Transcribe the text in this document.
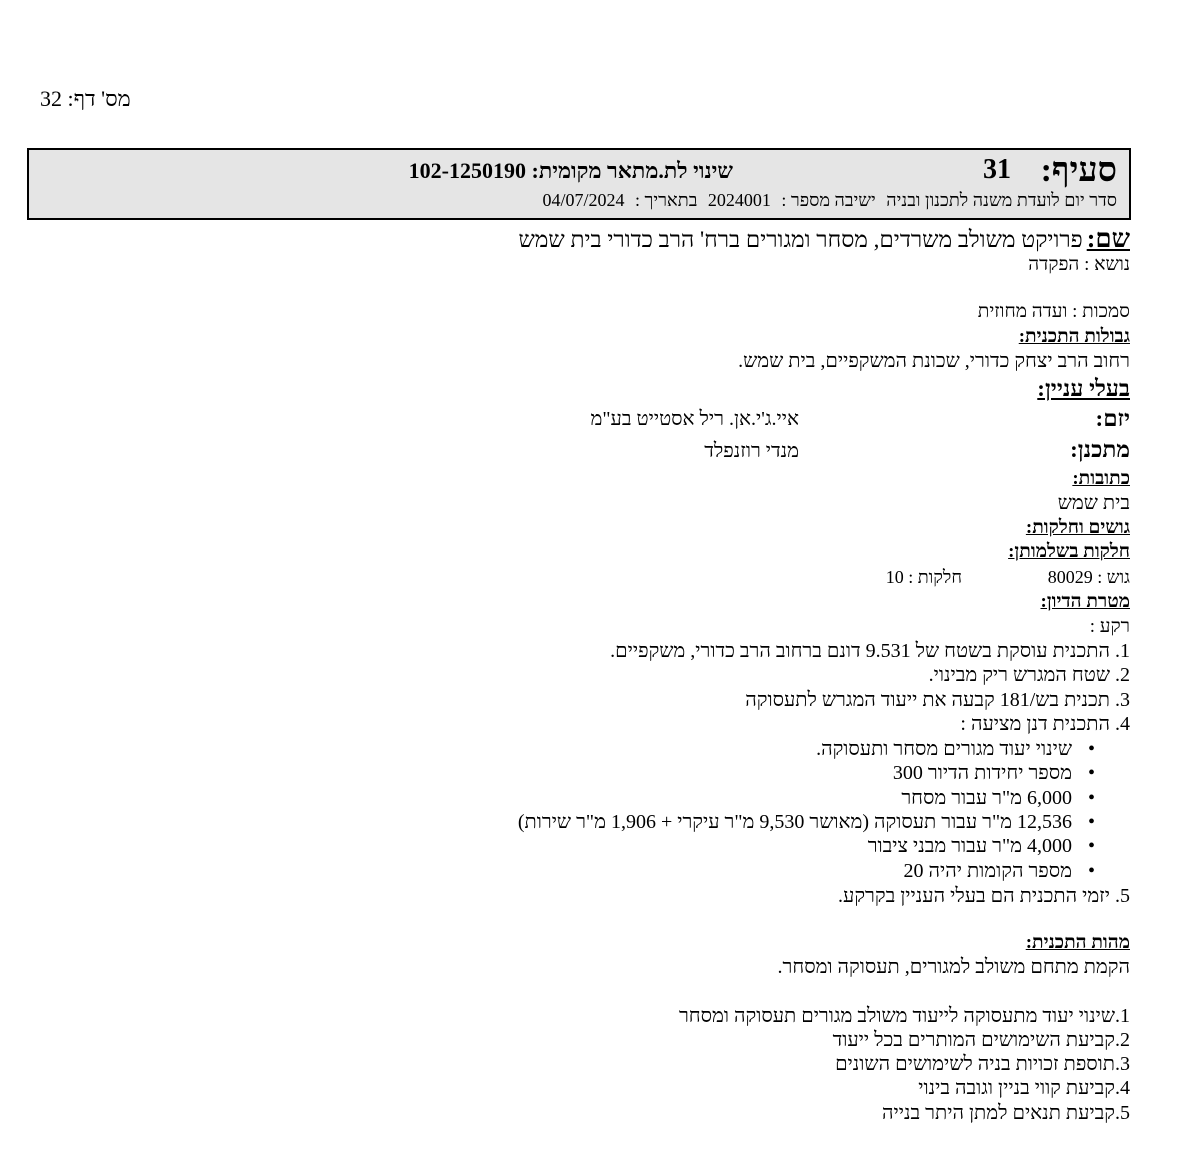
מס' דף: 32
סעיף:
31
שינוי לת.מתאר מקומית: 102-1250190
סדר יום לועדת משנה לתכנון ובניה ישיבה מספר : 2024001 בתאריך : 04/07/2024
שם: פרויקט משולב משרדים, מסחר ומגורים ברח' הרב כדורי בית שמש
נושא : הפקדה
סמכות : ועדה מחוזית
גבולות התכנית:
רחוב הרב יצחק כדורי, שכונת המשקפיים, בית שמש.
בעלי עניין:
יזם:
איי.ג'י.אן. ריל אסטייט בע"מ
מתכנן:
מנדי רוזנפלד
כתובות:
בית שמש
גושים וחלקות:
חלקות בשלמותן:
גוש : 80029
חלקות : 10
מטרת הדיון:
רקע :
1. התכנית עוסקת בשטח של 9.531 דונם ברחוב הרב כדורי, משקפיים.
2. שטח המגרש ריק מבינוי.
3. תכנית בש/181 קבעה את ייעוד המגרש לתעסוקה
4. התכנית דנן מציעה :
•שינוי יעוד מגורים מסחר ותעסוקה.
•מספר יחידות הדיור 300
•6,000 מ"ר עבור מסחר
•12,536 מ"ר עבור תעסוקה (מאושר 9,530 מ"ר עיקרי + 1,906 מ"ר שירות)
•4,000 מ"ר עבור מבני ציבור
•מספר הקומות יהיה 20
5. יזמי התכנית הם בעלי העניין בקרקע.
מהות התכנית:
הקמת מתחם משולב למגורים, תעסוקה ומסחר.
1.שינוי יעוד מתעסוקה לייעוד משולב מגורים תעסוקה ומסחר
2.קביעת השימושים המותרים בכל ייעוד
3.תוספת זכויות בניה לשימושים השונים
4.קביעת קווי בניין וגובה בינוי
5.קביעת תנאים למתן היתר בנייה
